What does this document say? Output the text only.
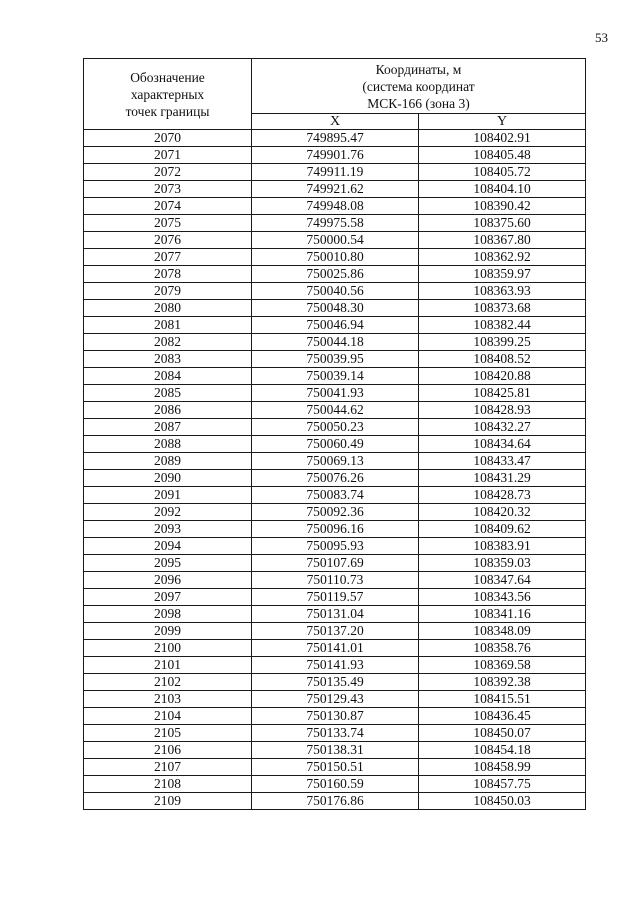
53
Обозначение
характерных
точек границы	Координаты, м
(система координат
МСК-166 (зона 3)	

	X	Y
2070	749895.47	108402.91
2071	749901.76	108405.48
2072	749911.19	108405.72
2073	749921.62	108404.10
2074	749948.08	108390.42
2075	749975.58	108375.60
2076	750000.54	108367.80
2077	750010.80	108362.92
2078	750025.86	108359.97
2079	750040.56	108363.93
2080	750048.30	108373.68
2081	750046.94	108382.44
2082	750044.18	108399.25
2083	750039.95	108408.52
2084	750039.14	108420.88
2085	750041.93	108425.81
2086	750044.62	108428.93
2087	750050.23	108432.27
2088	750060.49	108434.64
2089	750069.13	108433.47
2090	750076.26	108431.29
2091	750083.74	108428.73
2092	750092.36	108420.32
2093	750096.16	108409.62
2094	750095.93	108383.91
2095	750107.69	108359.03
2096	750110.73	108347.64
2097	750119.57	108343.56
2098	750131.04	108341.16
2099	750137.20	108348.09
2100	750141.01	108358.76
2101	750141.93	108369.58
2102	750135.49	108392.38
2103	750129.43	108415.51
2104	750130.87	108436.45
2105	750133.74	108450.07
2106	750138.31	108454.18
2107	750150.51	108458.99
2108	750160.59	108457.75
2109	750176.86	108450.03
